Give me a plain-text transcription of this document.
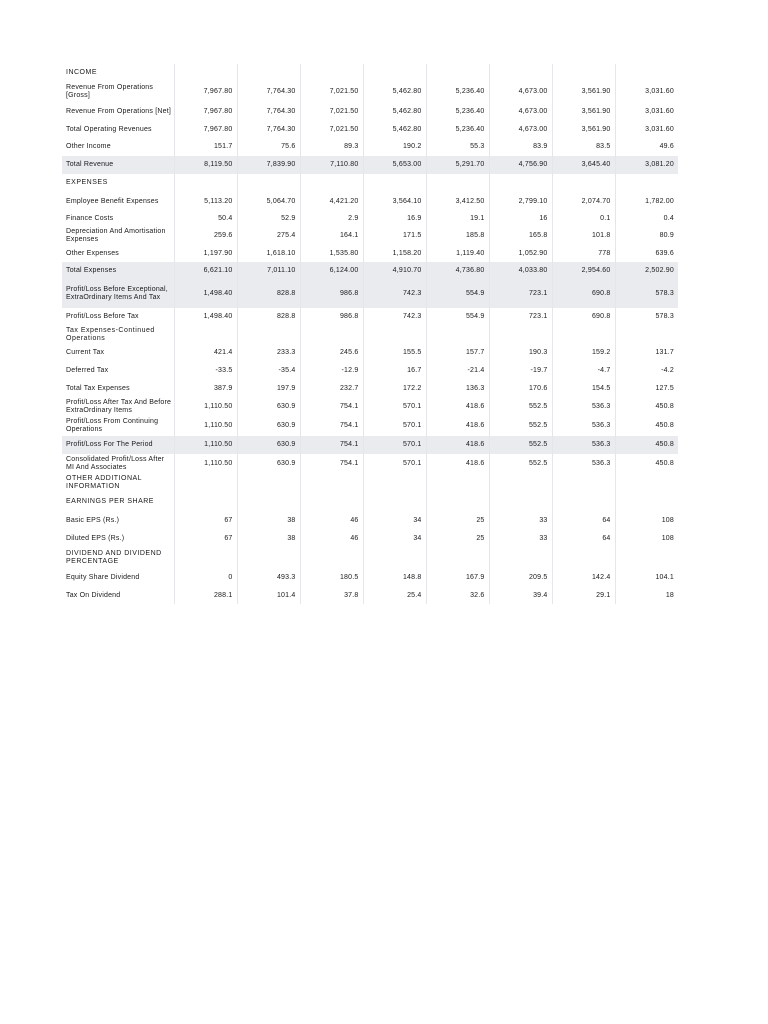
INCOME								
Revenue From Operations [Gross]	7,967.80	7,764.30	7,021.50	5,462.80	5,236.40	4,673.00	3,561.90	3,031.60
Revenue From Operations [Net]	7,967.80	7,764.30	7,021.50	5,462.80	5,236.40	4,673.00	3,561.90	3,031.60
Total Operating Revenues	7,967.80	7,764.30	7,021.50	5,462.80	5,236.40	4,673.00	3,561.90	3,031.60
Other Income	151.7	75.6	89.3	190.2	55.3	83.9	83.5	49.6
Total Revenue	8,119.50	7,839.90	7,110.80	5,653.00	5,291.70	4,756.90	3,645.40	3,081.20
EXPENSES								
Employee Benefit Expenses	5,113.20	5,064.70	4,421.20	3,564.10	3,412.50	2,799.10	2,074.70	1,782.00
Finance Costs	50.4	52.9	2.9	16.9	19.1	16	0.1	0.4
Depreciation And Amortisation Expenses	259.6	275.4	164.1	171.5	185.8	165.8	101.8	80.9
Other Expenses	1,197.90	1,618.10	1,535.80	1,158.20	1,119.40	1,052.90	778	639.6
Total Expenses	6,621.10	7,011.10	6,124.00	4,910.70	4,736.80	4,033.80	2,954.60	2,502.90
Profit/Loss Before Exceptional, ExtraOrdinary Items And Tax	1,498.40	828.8	986.8	742.3	554.9	723.1	690.8	578.3
Profit/Loss Before Tax	1,498.40	828.8	986.8	742.3	554.9	723.1	690.8	578.3
Tax Expenses-Continued Operations								
Current Tax	421.4	233.3	245.6	155.5	157.7	190.3	159.2	131.7
Deferred Tax	-33.5	-35.4	-12.9	16.7	-21.4	-19.7	-4.7	-4.2
Total Tax Expenses	387.9	197.9	232.7	172.2	136.3	170.6	154.5	127.5
Profit/Loss After Tax And Before ExtraOrdinary Items	1,110.50	630.9	754.1	570.1	418.6	552.5	536.3	450.8
Profit/Loss From Continuing Operations	1,110.50	630.9	754.1	570.1	418.6	552.5	536.3	450.8
Profit/Loss For The Period	1,110.50	630.9	754.1	570.1	418.6	552.5	536.3	450.8
Consolidated Profit/Loss After MI And Associates	1,110.50	630.9	754.1	570.1	418.6	552.5	536.3	450.8
OTHER ADDITIONAL INFORMATION								
EARNINGS PER SHARE								
Basic EPS (Rs.)	67	38	46	34	25	33	64	108
Diluted EPS (Rs.)	67	38	46	34	25	33	64	108
DIVIDEND AND DIVIDEND PERCENTAGE								
Equity Share Dividend	0	493.3	180.5	148.8	167.9	209.5	142.4	104.1
Tax On Dividend	288.1	101.4	37.8	25.4	32.6	39.4	29.1	18
